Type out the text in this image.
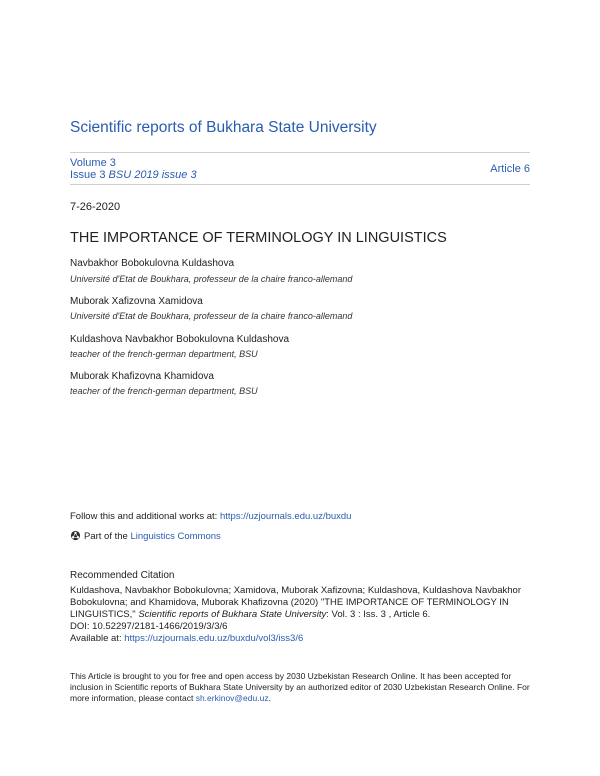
Scientific reports of Bukhara State University
Volume 3
Issue 3 BSU 2019 issue 3	Article 6
7-26-2020
THE IMPORTANCE OF TERMINOLOGY IN LINGUISTICS
Navbakhor Bobokulovna Kuldashova
Université d'Etat de Boukhara, professeur de la chaire franco-allemand
Muborak Xafizovna Xamidova
Université d'Etat de Boukhara, professeur de la chaire franco-allemand
Kuldashova Navbakhor Bobokulovna Kuldashova
teacher of the french-german department, BSU
Muborak Khafizovna Khamidova
teacher of the french-german department, BSU
Follow this and additional works at: https://uzjournals.edu.uz/buxdu
Part of the Linguistics Commons
Recommended Citation
Kuldashova, Navbakhor Bobokulovna; Xamidova, Muborak Xafizovna; Kuldashova, Kuldashova Navbakhor Bobokulovna; and Khamidova, Muborak Khafizovna (2020) "THE IMPORTANCE OF TERMINOLOGY IN LINGUISTICS," Scientific reports of Bukhara State University: Vol. 3 : Iss. 3 , Article 6.
DOI: 10.52297/2181-1466/2019/3/3/6
Available at: https://uzjournals.edu.uz/buxdu/vol3/iss3/6
This Article is brought to you for free and open access by 2030 Uzbekistan Research Online. It has been accepted for inclusion in Scientific reports of Bukhara State University by an authorized editor of 2030 Uzbekistan Research Online. For more information, please contact sh.erkinov@edu.uz.
